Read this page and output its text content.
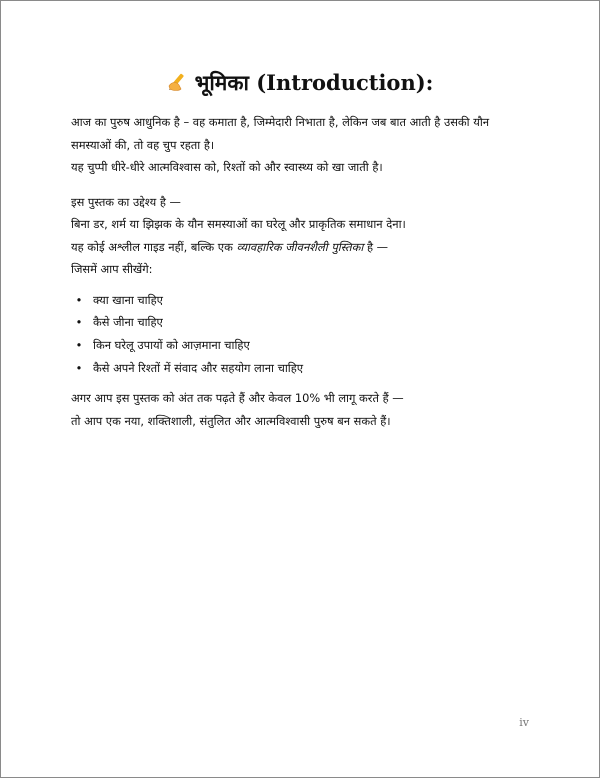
भूमिका (Introduction):

आज का पुरुष आधुनिक है – वह कमाता है, जिम्मेदारी निभाता है, लेकिन जब बात आती है उसकी यौन

समस्याओं की, तो वह चुप रहता है।

यह चुप्पी धीरे-धीरे आत्मविश्वास को, रिश्तों को और स्वास्थ्य को खा जाती है।

इस पुस्तक का उद्देश्य है —

बिना डर, शर्म या झिझक के यौन समस्याओं का घरेलू और प्राकृतिक समाधान देना।

यह कोई अश्लील गाइड नहीं, बल्कि एक व्यावहारिक जीवनशैली पुस्तिका है —

जिसमें आप सीखेंगे:

• क्या खाना चाहिए
• कैसे जीना चाहिए
• किन घरेलू उपायों को आज़माना चाहिए
• कैसे अपने रिश्तों में संवाद और सहयोग लाना चाहिए

अगर आप इस पुस्तक को अंत तक पढ़ते हैं और केवल 10% भी लागू करते हैं —

तो आप एक नया, शक्तिशाली, संतुलित और आत्मविश्वासी पुरुष बन सकते हैं।

iv
